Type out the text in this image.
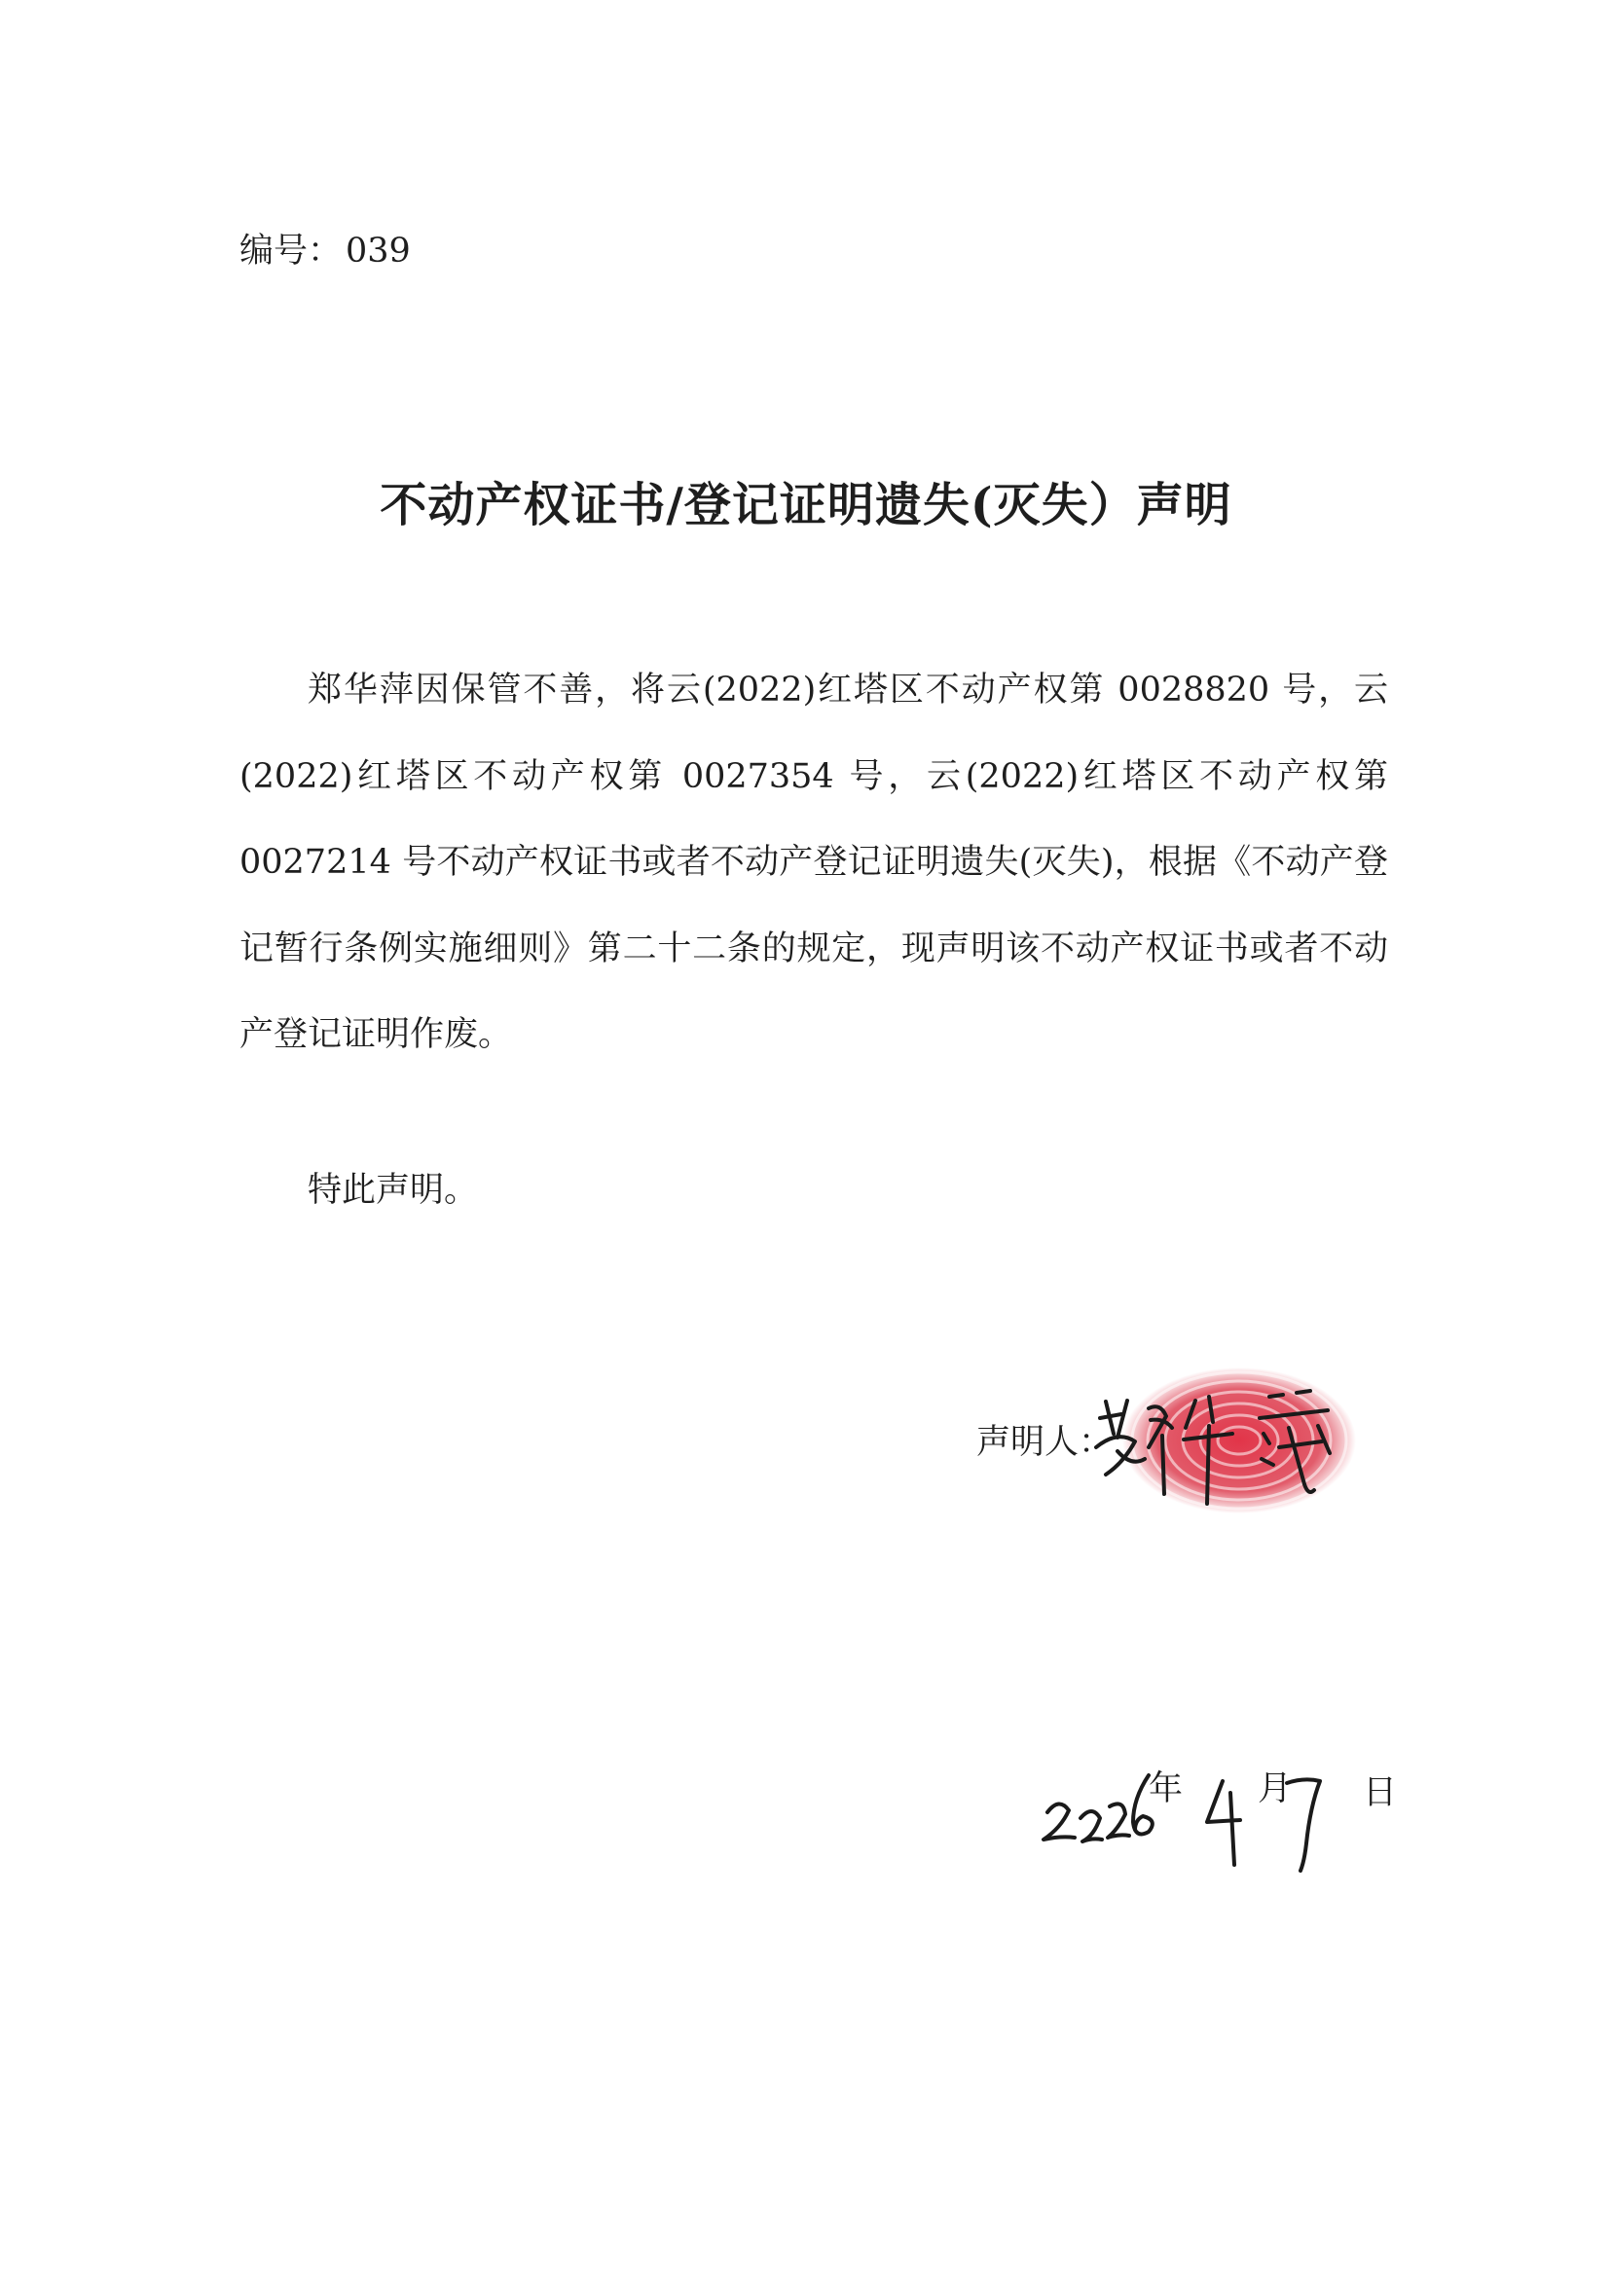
编号： 039

不动产权证书/登记证明遗失(灭失）声明

郑华萍因保管不善，将云(2022)红塔区不动产权第 0028820 号，云(2022)红塔区不动产权第 0027354 号，云(2022)红塔区不动产权第 0027214 号不动产权证书或者不动产登记证明遗失(灭失)，根据《不动产登记暂行条例实施细则》第二十二条的规定，现声明该不动产权证书或者不动产登记证明作废。

特此声明。

声明人：
年 月 日
